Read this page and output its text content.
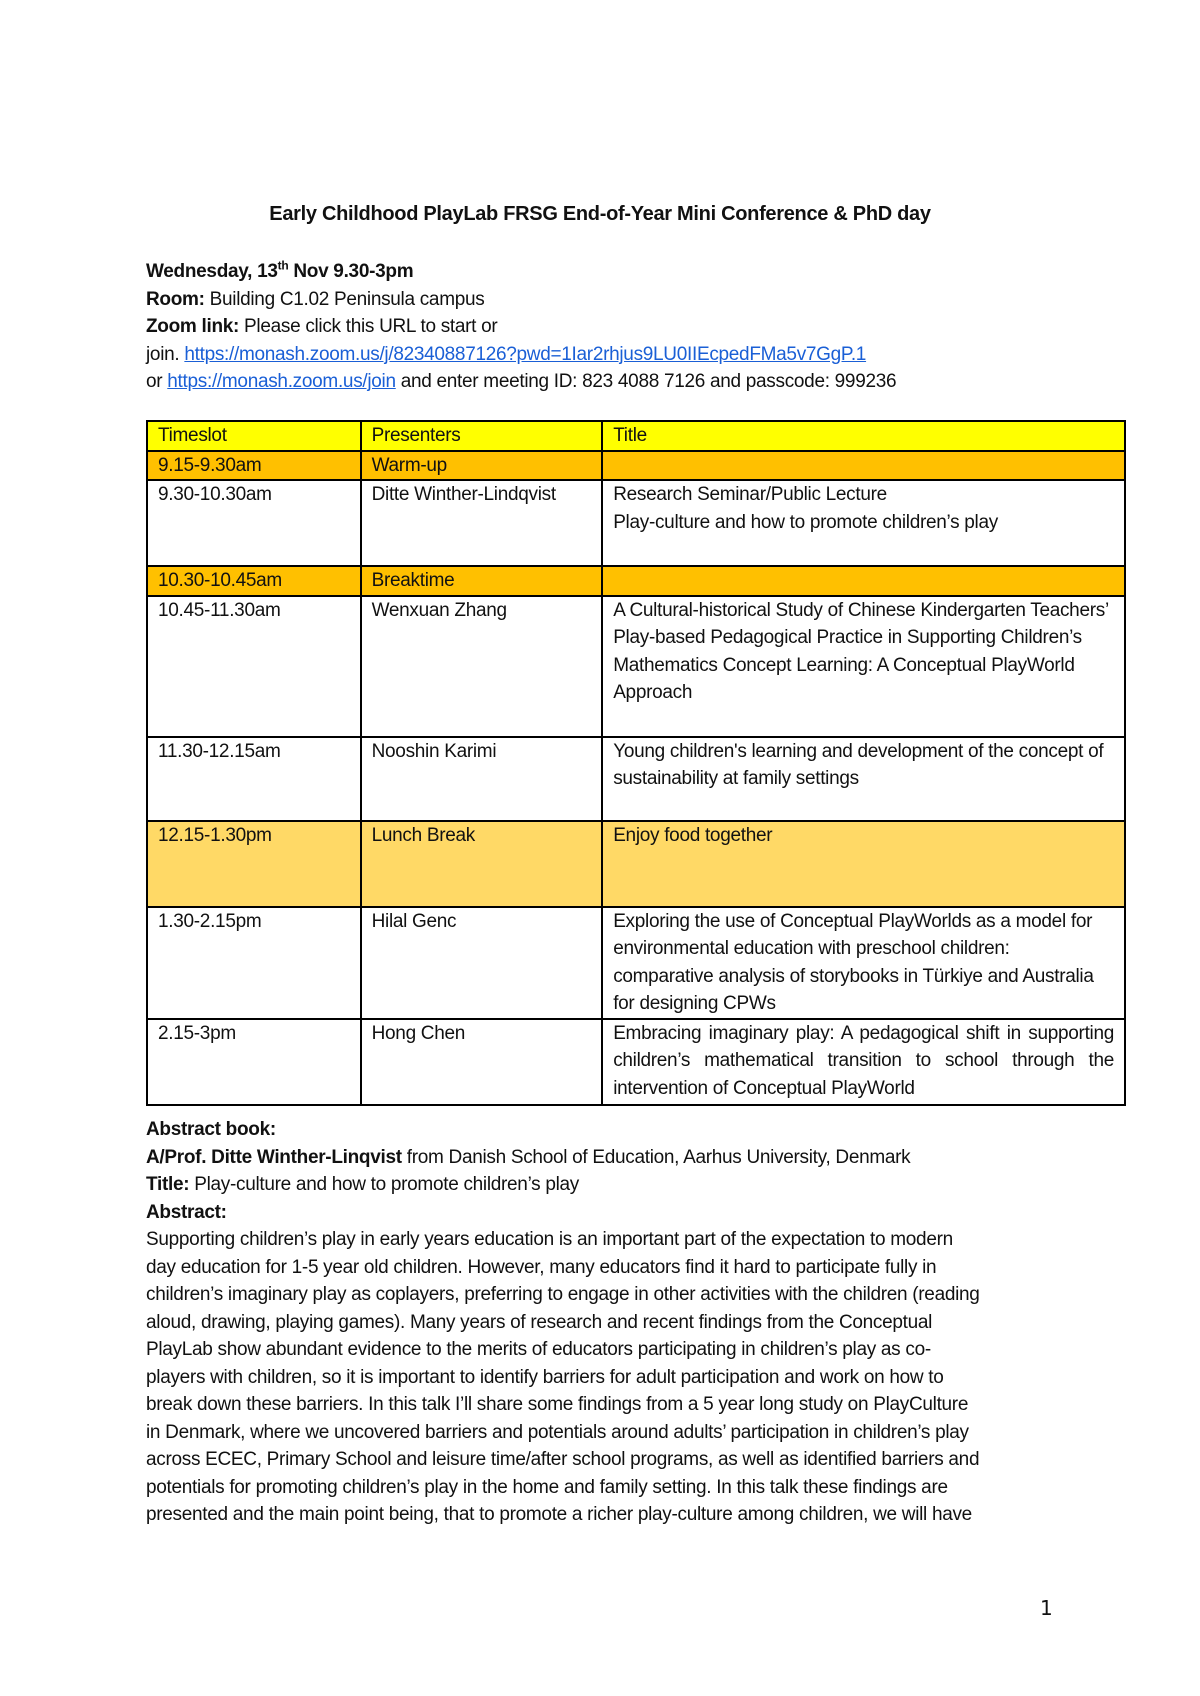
Early Childhood PlayLab FRSG End-of-Year Mini Conference & PhD day
Wednesday, 13th Nov 9.30-3pm
Room: Building C1.02 Peninsula campus
Zoom link: Please click this URL to start or
join. https://monash.zoom.us/j/82340887126?pwd=1Iar2rhjus9LU0IIEcpedFMa5v7GgP.1
or https://monash.zoom.us/join and enter meeting ID: 823 4088 7126 and passcode: 999236
Timeslot	Presenters	Title
9.15-9.30am	Warm-up	
9.30-10.30am	Ditte Winther-Lindqvist	Research Seminar/Public Lecture
Play-culture and how to promote children’s play

10.30-10.45am	Breaktime	
10.45-11.30am	Wenxuan Zhang	A Cultural-historical Study of Chinese Kindergarten Teachers’ Play-based Pedagogical Practice in Supporting Children’s Mathematics Concept Learning: A Conceptual PlayWorld Approach
11.30-12.15am	Nooshin Karimi	Young children's learning and development of the concept of sustainability at family settings
12.15-1.30pm	Lunch Break	Enjoy food together
1.30-2.15pm	Hilal Genc	Exploring the use of Conceptual PlayWorlds as a model for environmental education with preschool children: comparative analysis of storybooks in Türkiye and Australia for designing CPWs
2.15-3pm	Hong Chen	Embracing imaginary play: A pedagogical shift in supporting children’s mathematical transition to school through the intervention of Conceptual PlayWorld
Abstract book:
A/Prof. Ditte Winther-Linqvist from Danish School of Education, Aarhus University, Denmark
Title: Play-culture and how to promote children’s play
Abstract:
Supporting children’s play in early years education is an important part of the expectation to modern
day education for 1-5 year old children. However, many educators find it hard to participate fully in
children’s imaginary play as coplayers, preferring to engage in other activities with the children (reading
aloud, drawing, playing games). Many years of research and recent findings from the Conceptual
PlayLab show abundant evidence to the merits of educators participating in children’s play as co-
players with children, so it is important to identify barriers for adult participation and work on how to
break down these barriers. In this talk I’ll share some findings from a 5 year long study on PlayCulture
in Denmark, where we uncovered barriers and potentials around adults’ participation in children’s play
across ECEC, Primary School and leisure time/after school programs, as well as identified barriers and
potentials for promoting children’s play in the home and family setting. In this talk these findings are
presented and the main point being, that to promote a richer play-culture among children, we will have
1
